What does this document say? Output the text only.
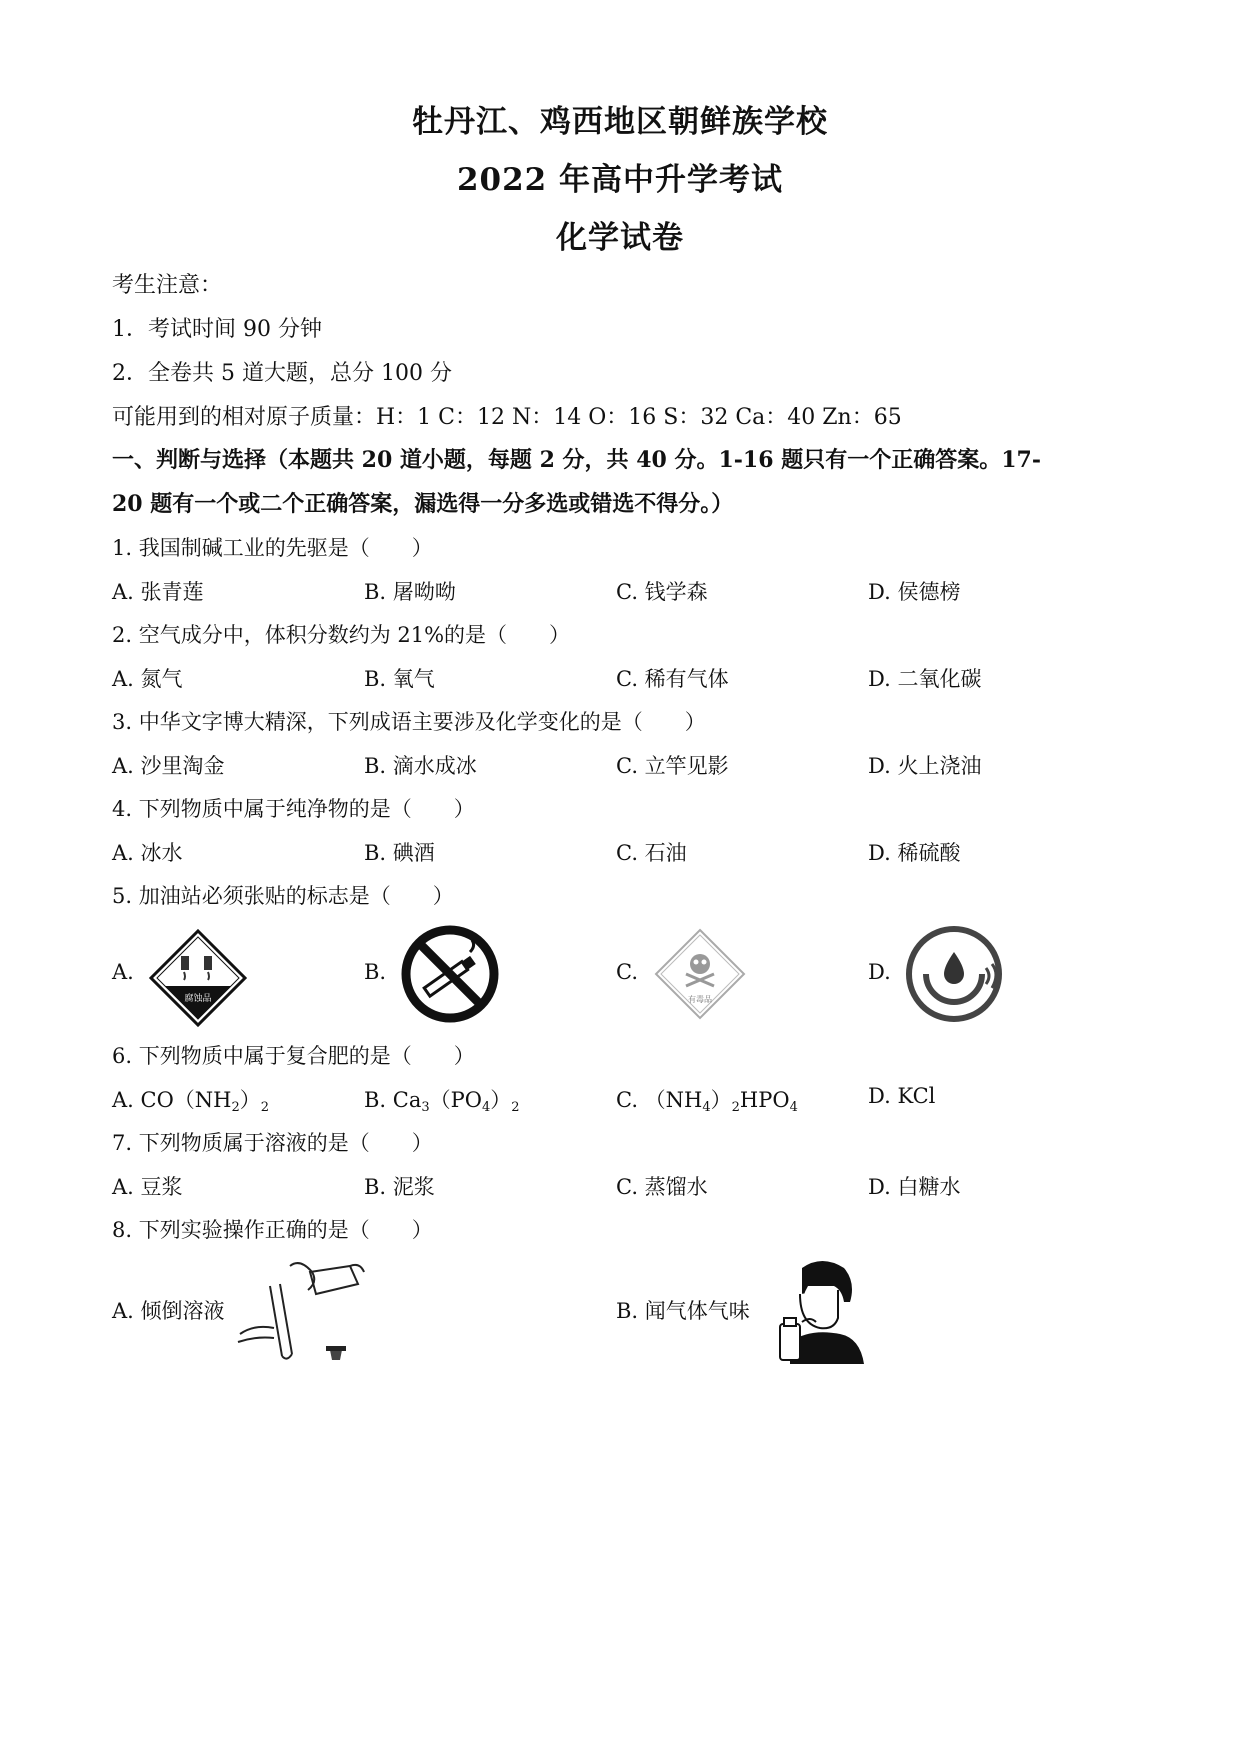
牡丹江、鸡西地区朝鲜族学校
2022 年高中升学考试
化学试卷
考生注意：
1．考试时间 90 分钟
2．全卷共 5 道大题，总分 100 分
可能用到的相对原子质量：H：1 C：12 N：14 O：16 S：32 Ca：40 Zn：65
一、判断与选择（本题共 20 道小题，每题 2 分，共 40 分。1-16 题只有一个正确答案。17-
20 题有一个或二个正确答案，漏选得一分多选或错选不得分。）
1. 我国制碱工业的先驱是（　　）
A. 张青莲	B. 屠呦呦	C. 钱学森	D. 侯德榜
2. 空气成分中，体积分数约为 21%的是（　　）
A. 氮气	B. 氧气	C. 稀有气体	D. 二氧化碳
3. 中华文字博大精深，下列成语主要涉及化学变化的是（　　）
A. 沙里淘金	B. 滴水成冰	C. 立竿见影	D. 火上浇油
4. 下列物质中属于纯净物的是（　　）
A. 冰水	B. 碘酒	C. 石油	D. 稀硫酸
5. 加油站必须张贴的标志是（　　）
A.
腐蚀品
B.	C.
有毒品
D.
6. 下列物质中属于复合肥的是（　　）
A. $CO(NH_2)_2$	B. $Ca_3(PO_4)_2$	C. $(NH_4)_2HPO_4$	D. KCl
7. 下列物质属于溶液的是（　　）
A. 豆浆	B. 泥浆	C. 蒸馏水	D. 白糖水
8. 下列实验操作正确的是（　　）
A. 倾倒溶液	B. 闻气体气味
